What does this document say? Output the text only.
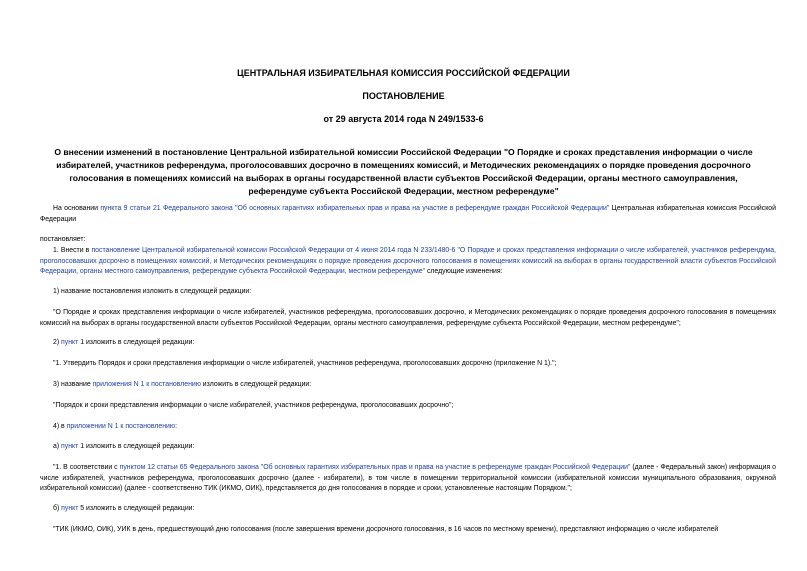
ЦЕНТРАЛЬНАЯ ИЗБИРАТЕЛЬНАЯ КОМИССИЯ РОССИЙСКОЙ ФЕДЕРАЦИИ
ПОСТАНОВЛЕНИЕ
от 29 августа 2014 года N 249/1533-6
О внесении изменений в постановление Центральной избирательной комиссии Российской Федерации "О Порядке и сроках представления информации о числе избирателей, участников референдума, проголосовавших досрочно в помещениях комиссий, и Методических рекомендациях о порядке проведения досрочного голосования в помещениях комиссий на выборах в органы государственной власти субъектов Российской Федерации, органы местного самоуправления, референдуме субъекта Российской Федерации, местном референдуме"
На основании пункта 9 статьи 21 Федерального закона "Об основных гарантиях избирательных прав и права на участие в референдуме граждан Российской Федерации" Центральная избирательная комиссия Российской Федерации
постановляет:
1. Внести в постановление Центральной избирательной комиссии Российской Федерации от 4 июня 2014 года N 233/1480-6 "О Порядке и сроках представления информации о числе избирателей, участников референдума, проголосовавших досрочно в помещениях комиссий, и Методических рекомендациях о порядке проведения досрочного голосования в помещениях комиссий на выборах в органы государственной власти субъектов Российской Федерации, органы местного самоуправления, референдуме субъекта Российской Федерации, местном референдуме" следующие изменения:
1) название постановления изложить в следующей редакции:
"О Порядке и сроках представления информации о числе избирателей, участников референдума, проголосовавших досрочно, и Методических рекомендациях о порядке проведения досрочного голосования в помещениях комиссий на выборах в органы государственной власти субъектов Российской Федерации, органы местного самоуправления, референдуме субъекта Российской Федерации, местном референдуме";
2) пункт 1 изложить в следующей редакции:
"1. Утвердить Порядок и сроки представления информации о числе избирателей, участников референдума, проголосовавших досрочно (приложение N 1).";
3) название приложения N 1 к постановлению изложить в следующей редакции:
"Порядок и сроки представления информации о числе избирателей, участников референдума, проголосовавших досрочно";
4) в приложении N 1 к постановлению:
а) пункт 1 изложить в следующей редакции:
"1. В соответствии с пунктом 12 статьи 65 Федерального закона "Об основных гарантиях избирательных прав и права на участие в референдуме граждан Российской Федерации" (далее - Федеральный закон) информация о числе избирателей, участников референдума, проголосовавших досрочно (далее - избиратели), в том числе в помещении территориальной комиссии (избирательной комиссии муниципального образования, окружной избирательной комиссии) (далее - соответственно ТИК (ИКМО, ОИК), представляется до дня голосования в порядке и сроки, установленные настоящим Порядком.";
б) пункт 5 изложить в следующей редакции:
"ТИК (ИКМО, ОИК), УИК в день, предшествующий дню голосования (после завершения времени досрочного голосования, в 16 часов по местному времени), представляют информацию о числе избирателей
